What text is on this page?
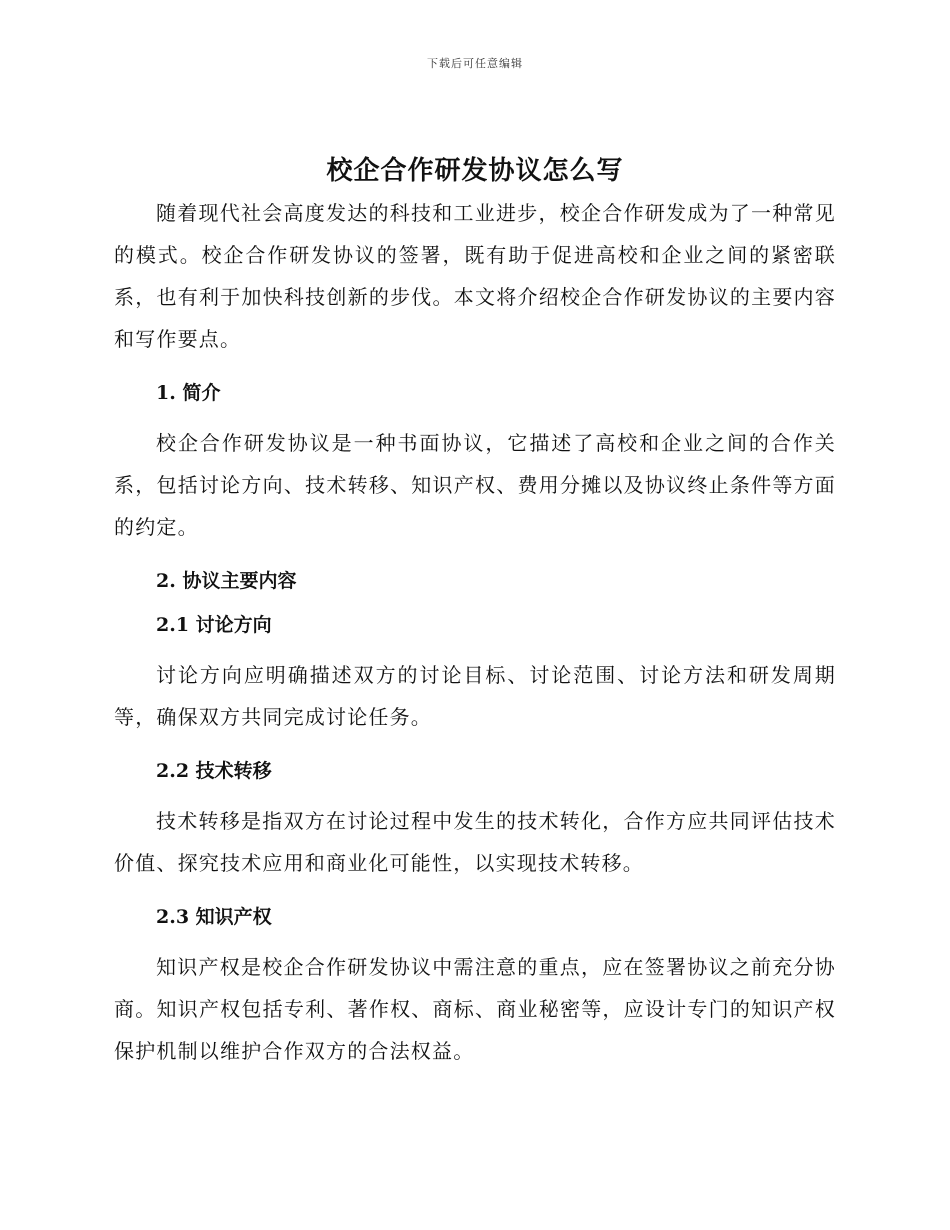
下载后可任意编辑
校企合作研发协议怎么写

随着现代社会高度发达的科技和工业进步，校企合作研发成为了一种常见的模式。校企合作研发协议的签署，既有助于促进高校和企业之间的紧密联系，也有利于加快科技创新的步伐。本文将介绍校企合作研发协议的主要内容和写作要点。

1. 简介

校企合作研发协议是一种书面协议，它描述了高校和企业之间的合作关系，包括讨论方向、技术转移、知识产权、费用分摊以及协议终止条件等方面的约定。

2. 协议主要内容

2.1 讨论方向

讨论方向应明确描述双方的讨论目标、讨论范围、讨论方法和研发周期等，确保双方共同完成讨论任务。

2.2 技术转移

技术转移是指双方在讨论过程中发生的技术转化，合作方应共同评估技术价值、探究技术应用和商业化可能性，以实现技术转移。

2.3 知识产权

知识产权是校企合作研发协议中需注意的重点，应在签署协议之前充分协商。知识产权包括专利、著作权、商标、商业秘密等，应设计专门的知识产权保护机制以维护合作双方的合法权益。
